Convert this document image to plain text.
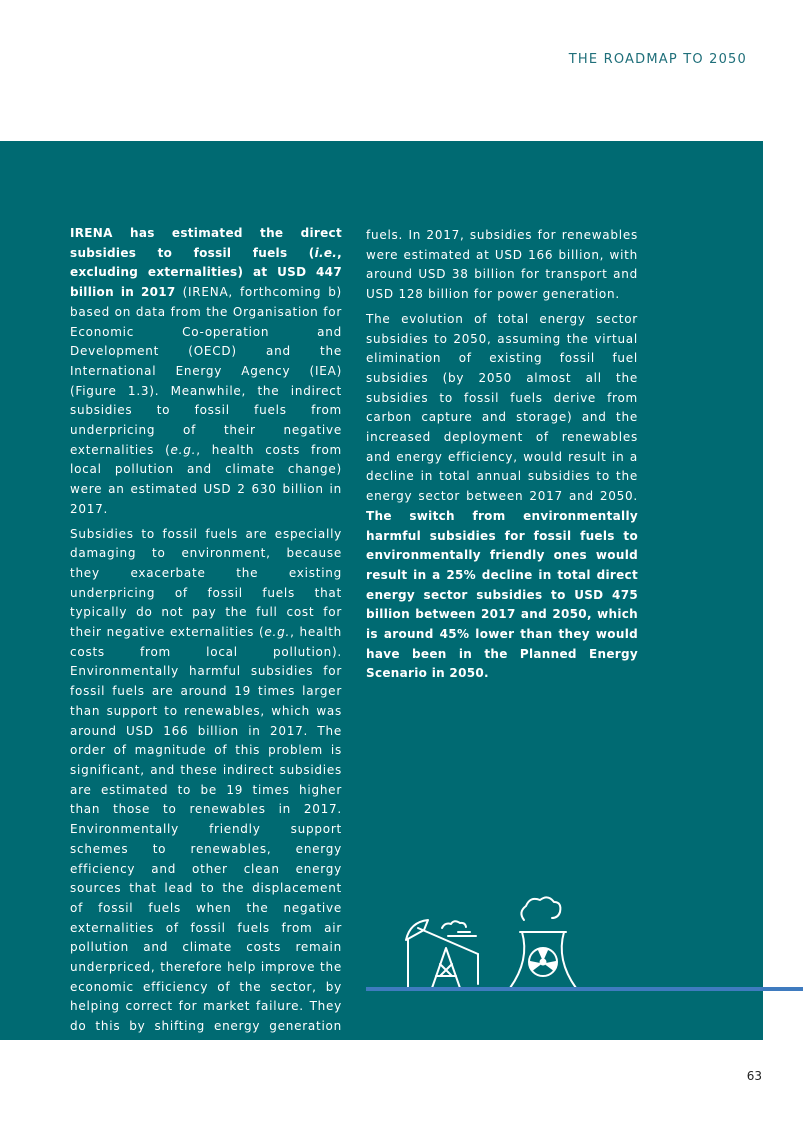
THE ROADMAP TO 2050

IRENA has estimated the direct subsidies to fossil fuels (i.e., excluding externalities) at USD 447 billion in 2017 (IRENA, forthcoming b) based on data from the Organisation for Economic Co-operation and Development (OECD) and the International Energy Agency (IEA) (Figure 1.3). Meanwhile, the indirect subsidies to fossil fuels from underpricing of their negative externalities (e.g., health costs from local pollution and climate change) were an estimated USD 2 630 billion in 2017.

Subsidies to fossil fuels are especially damaging to environment, because they exacerbate the existing underpricing of fossil fuels that typically do not pay the full cost for their negative externalities (e.g., health costs from local pollution). Environmentally harmful subsidies for fossil fuels are around 19 times larger than support to renewables, which was around USD 166 billion in 2017. The order of magnitude of this problem is significant, and these indirect subsidies are estimated to be 19 times higher than those to renewables in 2017. Environmentally friendly support schemes to renewables, energy efficiency and other clean energy sources that lead to the displacement of fossil fuels when the negative externalities of fossil fuels from air pollution and climate costs remain underpriced, therefore help improve the economic efficiency of the sector, by helping correct for market failure. They do this by shifting energy generation and use towards technologies that reduce the negative externalities of fossil

fuels. In 2017, subsidies for renewables were estimated at USD 166 billion, with around USD 38 billion for transport and USD 128 billion for power generation.

The evolution of total energy sector subsidies to 2050, assuming the virtual elimination of existing fossil fuel subsidies (by 2050 almost all the subsidies to fossil fuels derive from carbon capture and storage) and the increased deployment of renewables and energy efficiency, would result in a decline in total annual subsidies to the energy sector between 2017 and 2050. The switch from environmentally harmful subsidies for fossil fuels to environmentally friendly ones would result in a 25% decline in total direct energy sector subsidies to USD 475 billion between 2017 and 2050, which is around 45% lower than they would have been in the Planned Energy Scenario in 2050.

63
